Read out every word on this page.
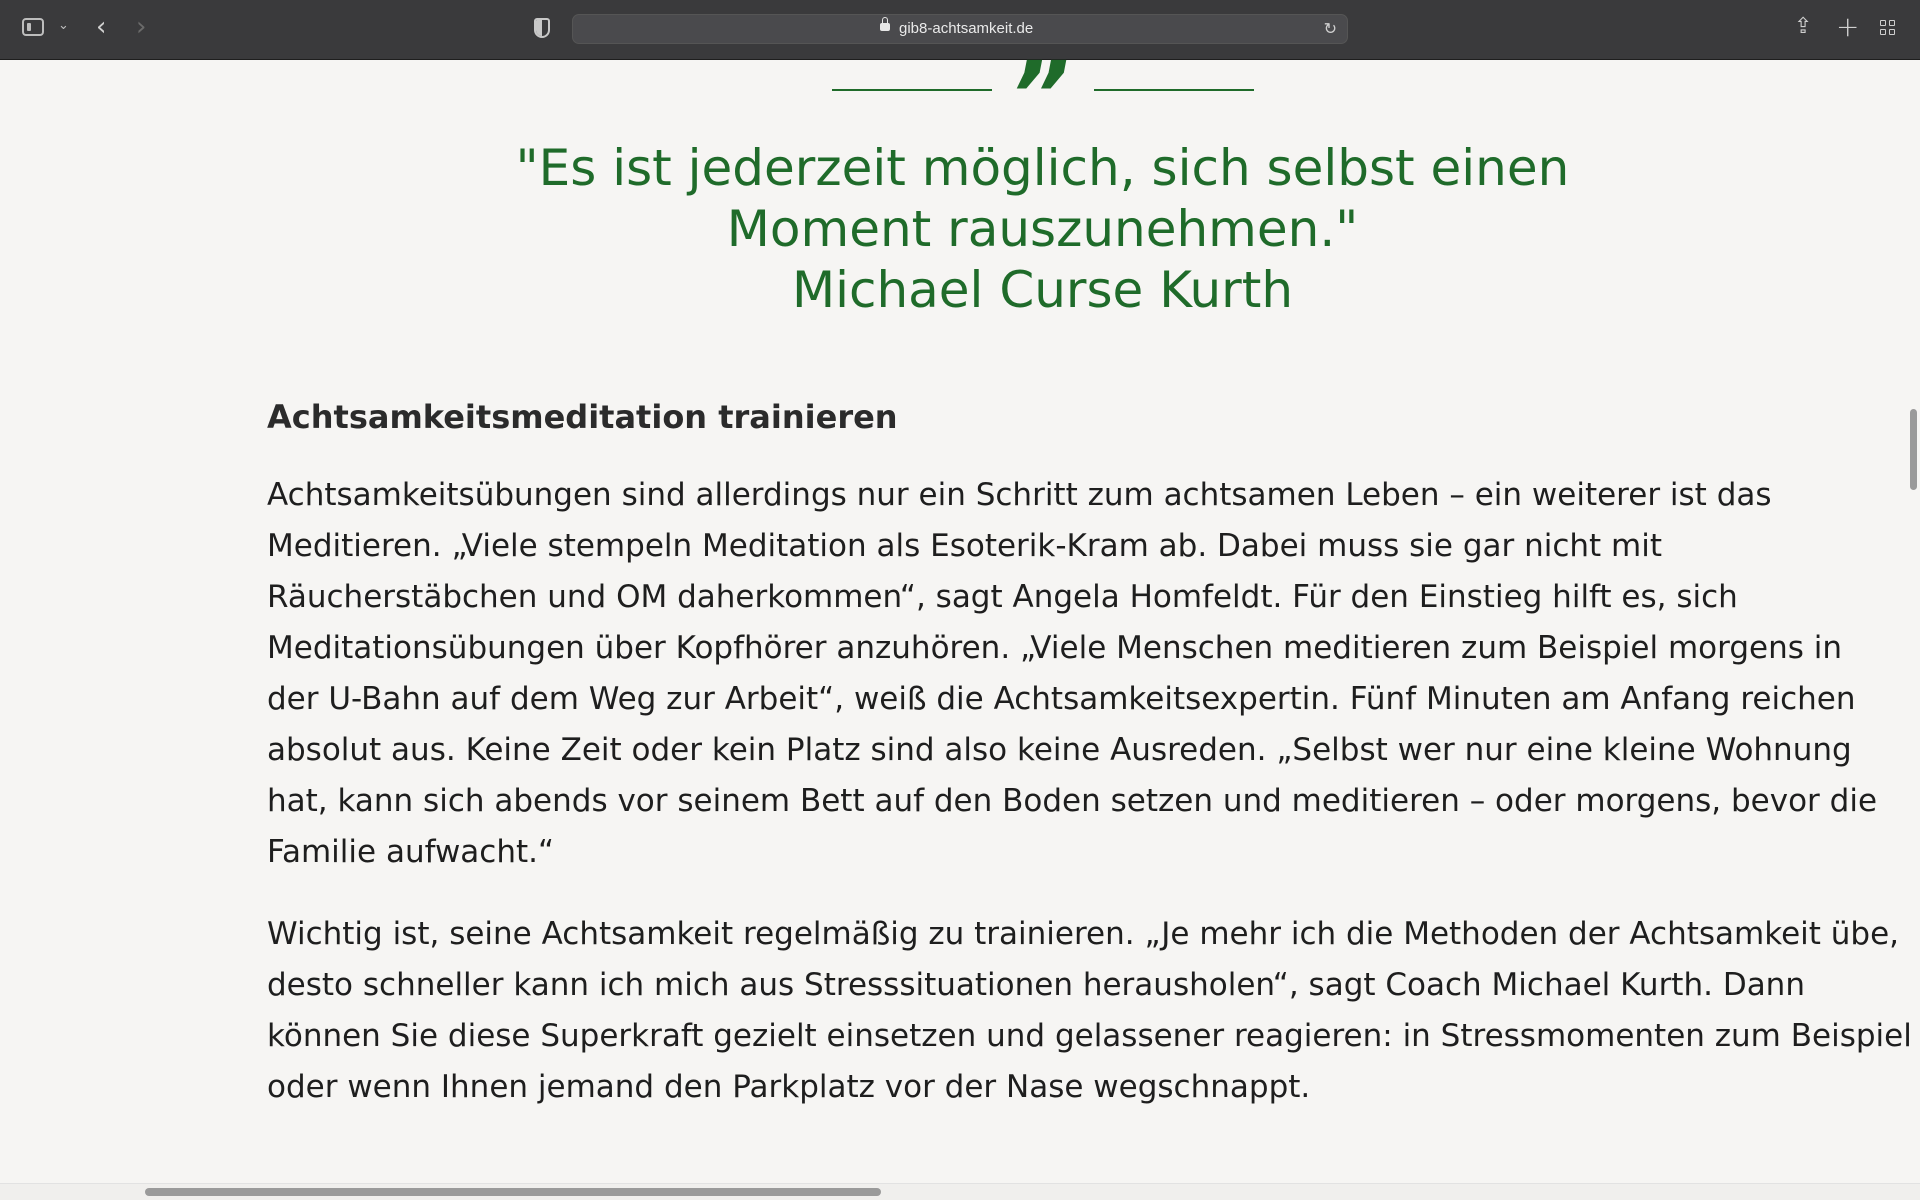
⌄ ‹ ›	gib8-achtsamkeit.de	↻	⇪ +
”
"Es ist jederzeit möglich, sich selbst einen
Moment rauszunehmen."
Michael Curse Kurth
Achtsamkeitsmeditation trainieren
Achtsamkeitsübungen sind allerdings nur ein Schritt zum achtsamen Leben – ein weiterer ist das
Meditieren. „Viele stempeln Meditation als Esoterik-Kram ab. Dabei muss sie gar nicht mit
Räucherstäbchen und OM daherkommen“, sagt Angela Homfeldt. Für den Einstieg hilft es, sich
Meditationsübungen über Kopfhörer anzuhören. „Viele Menschen meditieren zum Beispiel morgens in
der U-Bahn auf dem Weg zur Arbeit“, weiß die Achtsamkeitsexpertin. Fünf Minuten am Anfang reichen
absolut aus. Keine Zeit oder kein Platz sind also keine Ausreden. „Selbst wer nur eine kleine Wohnung
hat, kann sich abends vor seinem Bett auf den Boden setzen und meditieren – oder morgens, bevor die
Familie aufwacht.“
Wichtig ist, seine Achtsamkeit regelmäßig zu trainieren. „Je mehr ich die Methoden der Achtsamkeit übe,
desto schneller kann ich mich aus Stresssituationen herausholen“, sagt Coach Michael Kurth. Dann
können Sie diese Superkraft gezielt einsetzen und gelassener reagieren: in Stressmomenten zum Beispiel
oder wenn Ihnen jemand den Parkplatz vor der Nase wegschnappt.
